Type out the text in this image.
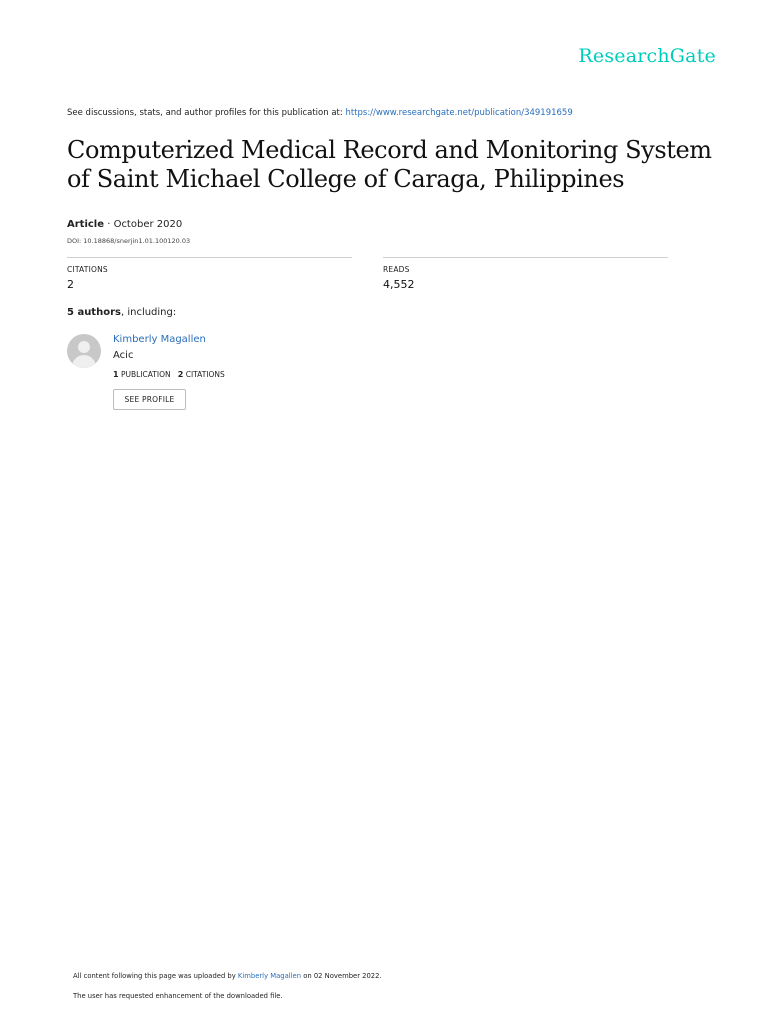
ResearchGate
See discussions, stats, and author profiles for this publication at: https://www.researchgate.net/publication/349191659
Computerized Medical Record and Monitoring System of Saint Michael College of Caraga, Philippines
Article · October 2020
DOI: 10.18868/snerjin1.01.100120.03
CITATIONS
2
READS
4,552
5 authors, including:
Kimberly Magallen
Acic
1 PUBLICATION 2 CITATIONS
SEE PROFILE
All content following this page was uploaded by Kimberly Magallen on 02 November 2022.
The user has requested enhancement of the downloaded file.
